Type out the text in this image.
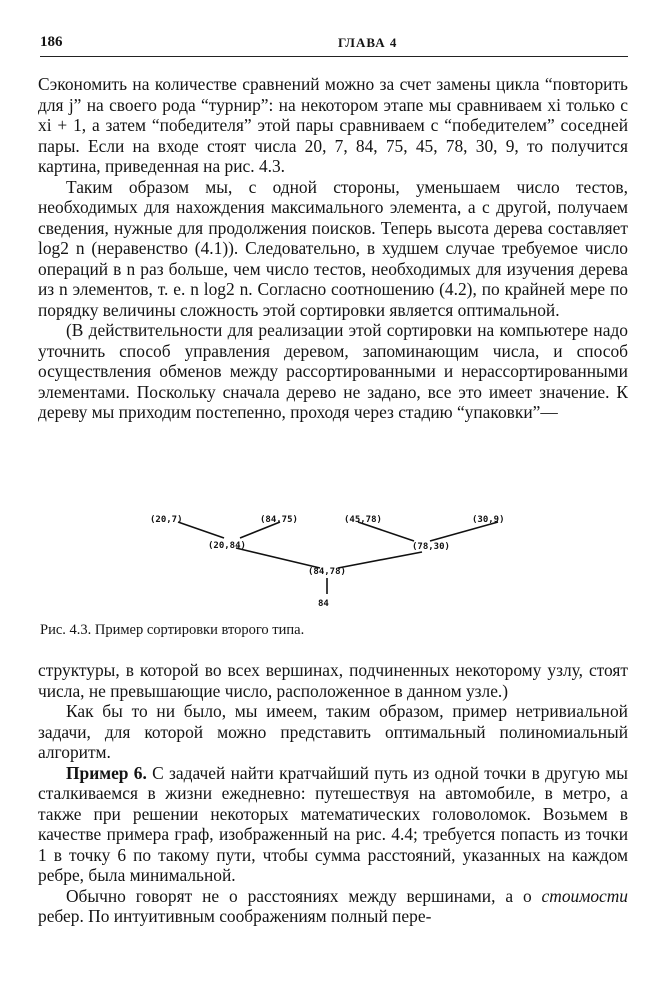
186	ГЛАВА 4

Сэкономить на количестве сравнений можно за счет замены цикла “повторить для j” на своего рода “турнир”: на некотором этапе мы сравниваем xi только с xi + 1, а затем “победителя” этой пары сравниваем с “победителем” соседней пары. Если на входе стоят числа 20, 7, 84, 75, 45, 78, 30, 9, то получится картина, приведенная на рис. 4.3.

Таким образом мы, с одной стороны, уменьшаем число тестов, необходимых для нахождения максимального элемента, а с другой, получаем сведения, нужные для продолжения поисков. Теперь высота дерева составляет log2 n (неравенство (4.1)). Следовательно, в худшем случае требуемое число операций в n раз больше, чем число тестов, необходимых для изучения дерева из n элементов, т. е. n log2 n. Согласно соотношению (4.2), по крайней мере по порядку величины сложность этой сортировки является оптимальной.

(В действительности для реализации этой сортировки на компьютере надо уточнить способ управления деревом, запоминающим числа, и способ осуществления обменов между рассортированными и нерассортированными элементами. Поскольку сначала дерево не задано, все это имеет значение. К дереву мы приходим постепенно, проходя через стадию “упаковки”—

(20,7)	(84,75)	(45,78)	(30,9)
(20,84)	(78,30)
(84,78)
84
Рис. 4.3. Пример сортировки второго типа.

структуры, в которой во всех вершинах, подчиненных некоторому узлу, стоят числа, не превышающие число, расположенное в данном узле.)

Как бы то ни было, мы имеем, таким образом, пример нетривиальной задачи, для которой можно представить оптимальный полиномиальный алгоритм.

Пример 6. С задачей найти кратчайший путь из одной точки в другую мы сталкиваемся в жизни ежедневно: путешествуя на автомобиле, в метро, а также при решении некоторых математических головоломок. Возьмем в качестве примера граф, изображенный на рис. 4.4; требуется попасть из точки 1 в точку 6 по такому пути, чтобы сумма расстояний, указанных на каждом ребре, была минимальной.

Обычно говорят не о расстояниях между вершинами, а о стоимости ребер. По интуитивным соображениям полный пере-
